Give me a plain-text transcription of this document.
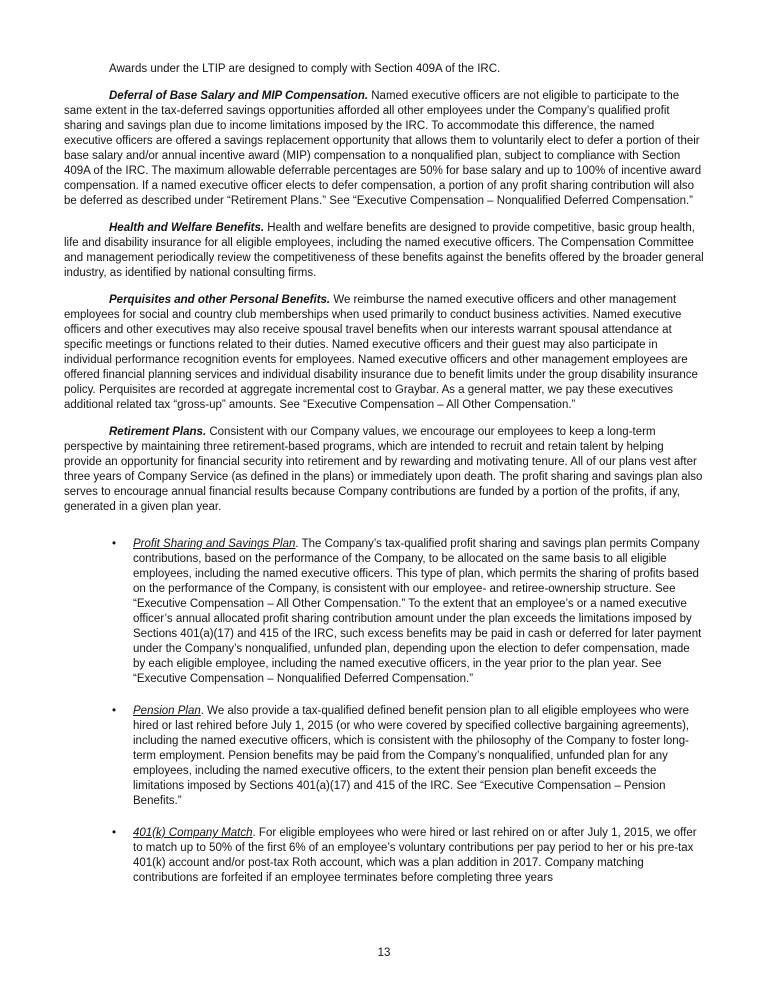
Awards under the LTIP are designed to comply with Section 409A of the IRC.

Deferral of Base Salary and MIP Compensation. Named executive officers are not eligible to participate to the same extent in the tax-deferred savings opportunities afforded all other employees under the Company’s qualified profit sharing and savings plan due to income limitations imposed by the IRC. To accommodate this difference, the named executive officers are offered a savings replacement opportunity that allows them to voluntarily elect to defer a portion of their base salary and/or annual incentive award (MIP) compensation to a nonqualified plan, subject to compliance with Section 409A of the IRC. The maximum allowable deferrable percentages are 50% for base salary and up to 100% of incentive award compensation. If a named executive officer elects to defer compensation, a portion of any profit sharing contribution will also be deferred as described under “Retirement Plans.” See “Executive Compensation – Nonqualified Deferred Compensation.”

Health and Welfare Benefits. Health and welfare benefits are designed to provide competitive, basic group health, life and disability insurance for all eligible employees, including the named executive officers. The Compensation Committee and management periodically review the competitiveness of these benefits against the benefits offered by the broader general industry, as identified by national consulting firms.

Perquisites and other Personal Benefits. We reimburse the named executive officers and other management employees for social and country club memberships when used primarily to conduct business activities. Named executive officers and other executives may also receive spousal travel benefits when our interests warrant spousal attendance at specific meetings or functions related to their duties. Named executive officers and their guest may also participate in individual performance recognition events for employees. Named executive officers and other management employees are offered financial planning services and individual disability insurance due to benefit limits under the group disability insurance policy. Perquisites are recorded at aggregate incremental cost to Graybar. As a general matter, we pay these executives additional related tax “gross-up” amounts. See “Executive Compensation – All Other Compensation.”

Retirement Plans. Consistent with our Company values, we encourage our employees to keep a long-term perspective by maintaining three retirement-based programs, which are intended to recruit and retain talent by helping provide an opportunity for financial security into retirement and by rewarding and motivating tenure. All of our plans vest after three years of Company Service (as defined in the plans) or immediately upon death. The profit sharing and savings plan also serves to encourage annual financial results because Company contributions are funded by a portion of the profits, if any, generated in a given plan year.

• Profit Sharing and Savings Plan. The Company’s tax-qualified profit sharing and savings plan permits Company contributions, based on the performance of the Company, to be allocated on the same basis to all eligible employees, including the named executive officers. This type of plan, which permits the sharing of profits based on the performance of the Company, is consistent with our employee- and retiree-ownership structure. See “Executive Compensation – All Other Compensation.” To the extent that an employee’s or a named executive officer’s annual allocated profit sharing contribution amount under the plan exceeds the limitations imposed by Sections 401(a)(17) and 415 of the IRC, such excess benefits may be paid in cash or deferred for later payment under the Company’s nonqualified, unfunded plan, depending upon the election to defer compensation, made by each eligible employee, including the named executive officers, in the year prior to the plan year. See “Executive Compensation – Nonqualified Deferred Compensation.”
• Pension Plan. We also provide a tax-qualified defined benefit pension plan to all eligible employees who were hired or last rehired before July 1, 2015 (or who were covered by specified collective bargaining agreements), including the named executive officers, which is consistent with the philosophy of the Company to foster long- term employment. Pension benefits may be paid from the Company’s nonqualified, unfunded plan for any employees, including the named executive officers, to the extent their pension plan benefit exceeds the limitations imposed by Sections 401(a)(17) and 415 of the IRC. See “Executive Compensation – Pension Benefits.”
• 401(k) Company Match. For eligible employees who were hired or last rehired on or after July 1, 2015, we offer to match up to 50% of the first 6% of an employee’s voluntary contributions per pay period to her or his pre-tax 401(k) account and/or post-tax Roth account, which was a plan addition in 2017. Company matching contributions are forfeited if an employee terminates before completing three years
13
